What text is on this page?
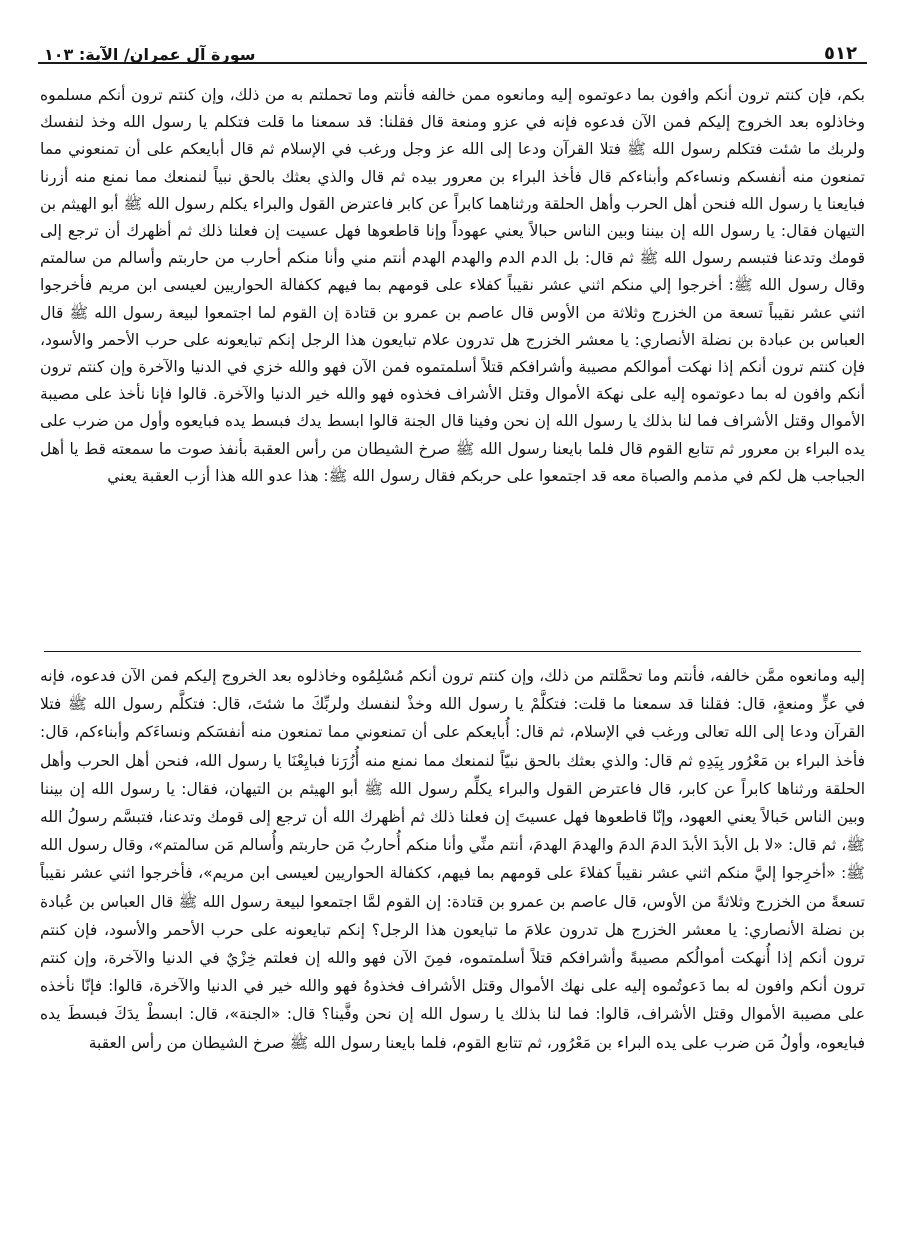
٥١٢
سورة آل عمران/ الآية: ١٠٣
بكم، فإن كنتم ترون أنكم وافون بما دعوتموه إليه ومانعوه ممن خالفه فأنتم وما تحملتم به من ذلك، وإن كنتم ترون أنكم مسلموه وخاذلوه بعد الخروج إليكم فمن الآن فدعوه فإنه في عزو ومنعة قال فقلنا: قد سمعنا ما قلت فتكلم يا رسول الله وخذ لنفسك ولربك ما شئت فتكلم رسول الله ﷺ فتلا القرآن ودعا إلى الله عز وجل ورغب في الإسلام ثم قال أبايعكم على أن تمنعوني مما تمنعون منه أنفسكم ونساءكم وأبناءكم قال فأخذ البراء بن معرور بيده ثم قال والذي بعثك بالحق نبياً لنمنعك مما نمنع منه أزرنا فبايعنا يا رسول الله فنحن أهل الحرب وأهل الحلقة ورثناهما كابراً عن كابر فاعترض القول والبراء يكلم رسول الله ﷺ أبو الهيثم بن التيهان فقال: يا رسول الله إن بيننا وبين الناس حبالاً يعني عهوداً وإنا قاطعوها فهل عسيت إن فعلنا ذلك ثم أظهرك أن ترجع إلى قومك وتدعنا فتبسم رسول الله ﷺ ثم قال: بل الدم الدم والهدم الهدم أنتم مني وأنا منكم أحارب من حاربتم وأسالم من سالمتم وقال رسول الله ﷺ: أخرجوا إلي منكم اثني عشر نقيباً كفلاء على قومهم بما فيهم ككفالة الحواريين لعيسى ابن مريم فأخرجوا اثني عشر نقيباً تسعة من الخزرج وثلاثة من الأوس قال عاصم بن عمرو بن قتادة إن القوم لما اجتمعوا لبيعة رسول الله ﷺ قال العباس بن عبادة بن نضلة الأنصاري: يا معشر الخزرج هل تدرون علام تبايعون هذا الرجل إنكم تبايعونه على حرب الأحمر والأسود، فإن كنتم ترون أنكم إذا نهكت أموالكم مصيبة وأشرافكم قتلاً أسلمتموه فمن الآن فهو والله خزي في الدنيا والآخرة وإن كنتم ترون أنكم وافون له بما دعوتموه إليه على نهكة الأموال وقتل الأشراف فخذوه فهو والله خير الدنيا والآخرة. قالوا فإنا نأخذ على مصيبة الأموال وقتل الأشراف فما لنا بذلك يا رسول الله إن نحن وفينا قال الجنة قالوا ابسط يدك فبسط يده فبايعوه وأول من ضرب على يده البراء بن معرور ثم تتابع القوم قال فلما بايعنا رسول الله ﷺ صرخ الشيطان من رأس العقبة بأنفذ صوت ما سمعته قط يا أهل الجباجب هل لكم في مذمم والصباة معه قد اجتمعوا على حربكم فقال رسول الله ﷺ: هذا عدو الله هذا أزب العقبة يعني
إليه ومانعوه ممَّن خالفه، فأنتم وما تحمَّلتم من ذلك، وإن كنتم ترون أنكم مُسْلِمُوه وخاذلوه بعد الخروج إليكم فمن الآن فدعوه، فإنه في عزٍّ ومنعةٍ، قال: فقلنا قد سمعنا ما قلت: فتكلَّمْ يا رسول الله وخذْ لنفسك ولربِّكَ ما شئتَ، قال: فتكلَّم رسول الله ﷺ فتلا القرآن ودعا إلى الله تعالى ورغب في الإسلام، ثم قال: أُبايعكم على أن تمنعوني مما تمنعون منه أنفسَكم ونساءَكم وأبناءكم، قال: فأخذ البراء بن مَعْرُور بِيَدِهِ ثم قال: والذي بعثك بالحق نبيّاً لنمنعك مما نمنع منه أُزُرَنا فبايِعْنَا يا رسول الله، فنحن أهل الحرب وأهل الحلقة ورثناها كابراً عن كابر، قال فاعترض القول والبراء يكلِّم رسول الله ﷺ أبو الهيثم بن التيهان، فقال: يا رسول الله إن بيننا وبين الناس حَبالاً يعني العهود، وإنّا قاطعوها فهل عسيتَ إن فعلنا ذلك ثم أظهرك الله أن ترجع إلى قومك وتدعنا، فتبسَّم رسولُ الله ﷺ، ثم قال: «لا بل الأبدَ الأبدَ الدمَ الدمَ والهدمَ الهدمَ، أنتم منِّي وأنا منكم أُحاربُ مَن حاربتم وأُسالم مَن سالمتم»، وقال رسول الله ﷺ: «أخرِجوا إليَّ منكم اثني عشر نقيباً كفلاءَ على قومهم بما فيهم، ككفالة الحواريين لعيسى ابن مريم»، فأخرجوا اثني عشر نقيباً تسعةً من الخزرج وثلاثةً من الأوس، قال عاصم بن عمرو بن قتادة: إن القوم لمَّا اجتمعوا لبيعة رسول الله ﷺ قال العباس بن عُبادة بن نضلة الأنصاري: يا معشر الخزرج هل تدرون علامَ ما تبايعون هذا الرجل؟ إنكم تبايعونه على حرب الأحمر والأسود، فإن كنتم ترون أنكم إذا أُنهكت أموالُكم مصيبةً وأشرافكم قتلاً أسلمتموه، فمِنَ الآن فهو والله إن فعلتم خِزْيٌ في الدنيا والآخرة، وإن كنتم ترون أنكم وافون له بما دَعوتُموه إليه على نهك الأموال وقتل الأشراف فخذوهُ فهو والله خير في الدنيا والآخرة، قالوا: فإنّا نأخذه على مصيبة الأموال وقتل الأشراف، قالوا: فما لنا بذلك يا رسول الله إن نحن وفَّينا؟ قال: «الجنة»، قال: ابسطْ يدَكَ فبسطَ يده فبايعوه، وأولُ مَن ضرب على يده البراء بن مَعْرُور، ثم تتابع القوم، فلما بايعنا رسول الله ﷺ صرخ الشيطان من رأس العقبة
